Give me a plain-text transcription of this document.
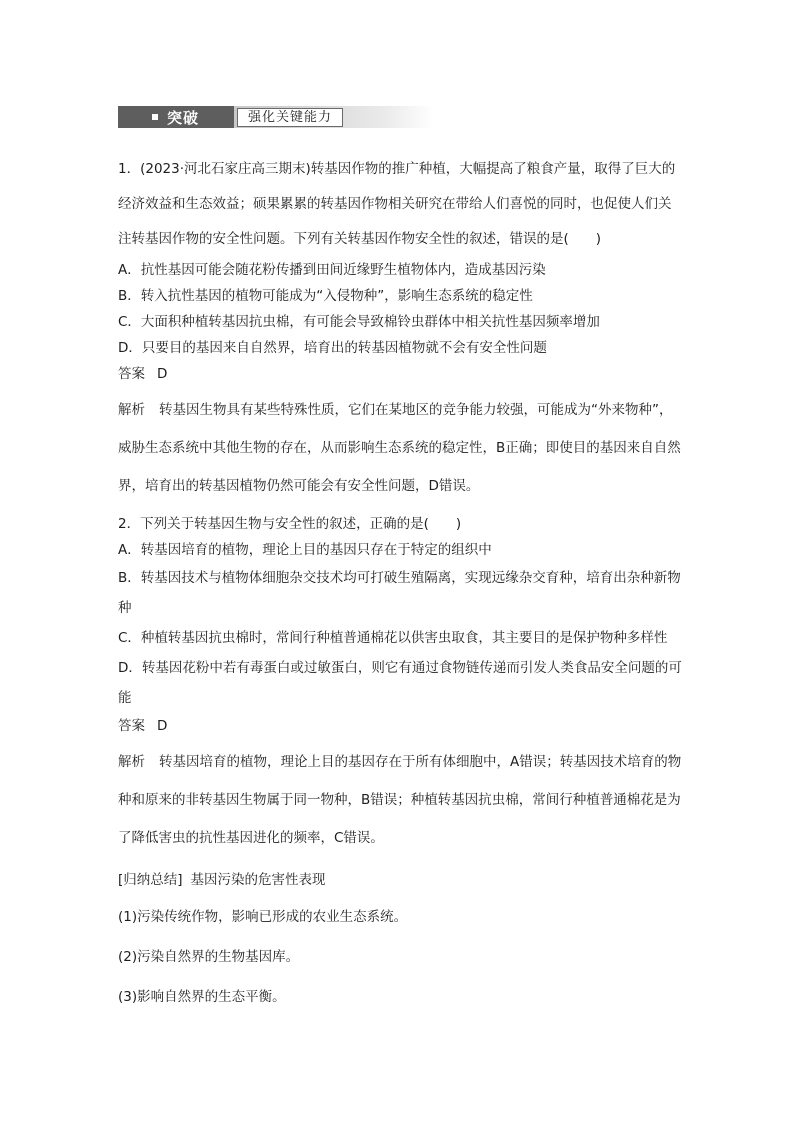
突破	强化关键能力
1．(2023·河北石家庄高三期末)转基因作物的推广种植，大幅提高了粮食产量，取得了巨大的经济效益和生态效益；硕果累累的转基因作物相关研究在带给人们喜悦的同时，也促使人们关注转基因作物的安全性问题。下列有关转基因作物安全性的叙述，错误的是(　　)
A．抗性基因可能会随花粉传播到田间近缘野生植物体内，造成基因污染
B．转入抗性基因的植物可能成为“入侵物种”，影响生态系统的稳定性
C．大面积种植转基因抗虫棉，有可能会导致棉铃虫群体中相关抗性基因频率增加
D．只要目的基因来自自然界，培育出的转基因植物就不会有安全性问题
答案 D
解析 转基因生物具有某些特殊性质，它们在某地区的竞争能力较强，可能成为“外来物种”，威胁生态系统中其他生物的存在，从而影响生态系统的稳定性，B正确；即使目的基因来自自然界，培育出的转基因植物仍然可能会有安全性问题，D错误。
2．下列关于转基因生物与安全性的叙述，正确的是(　　)
A．转基因培育的植物，理论上目的基因只存在于特定的组织中
B．转基因技术与植物体细胞杂交技术均可打破生殖隔离，实现远缘杂交育种，培育出杂种新物种
C．种植转基因抗虫棉时，常间行种植普通棉花以供害虫取食，其主要目的是保护物种多样性
D．转基因花粉中若有毒蛋白或过敏蛋白，则它有通过食物链传递而引发人类食品安全问题的可能
答案 D
解析 转基因培育的植物，理论上目的基因存在于所有体细胞中，A错误；转基因技术培育的物种和原来的非转基因生物属于同一物种，B错误；种植转基因抗虫棉，常间行种植普通棉花是为了降低害虫的抗性基因进化的频率，C错误。
[归纳总结] 基因污染的危害性表现
(1)污染传统作物，影响已形成的农业生态系统。
(2)污染自然界的生物基因库。
(3)影响自然界的生态平衡。
